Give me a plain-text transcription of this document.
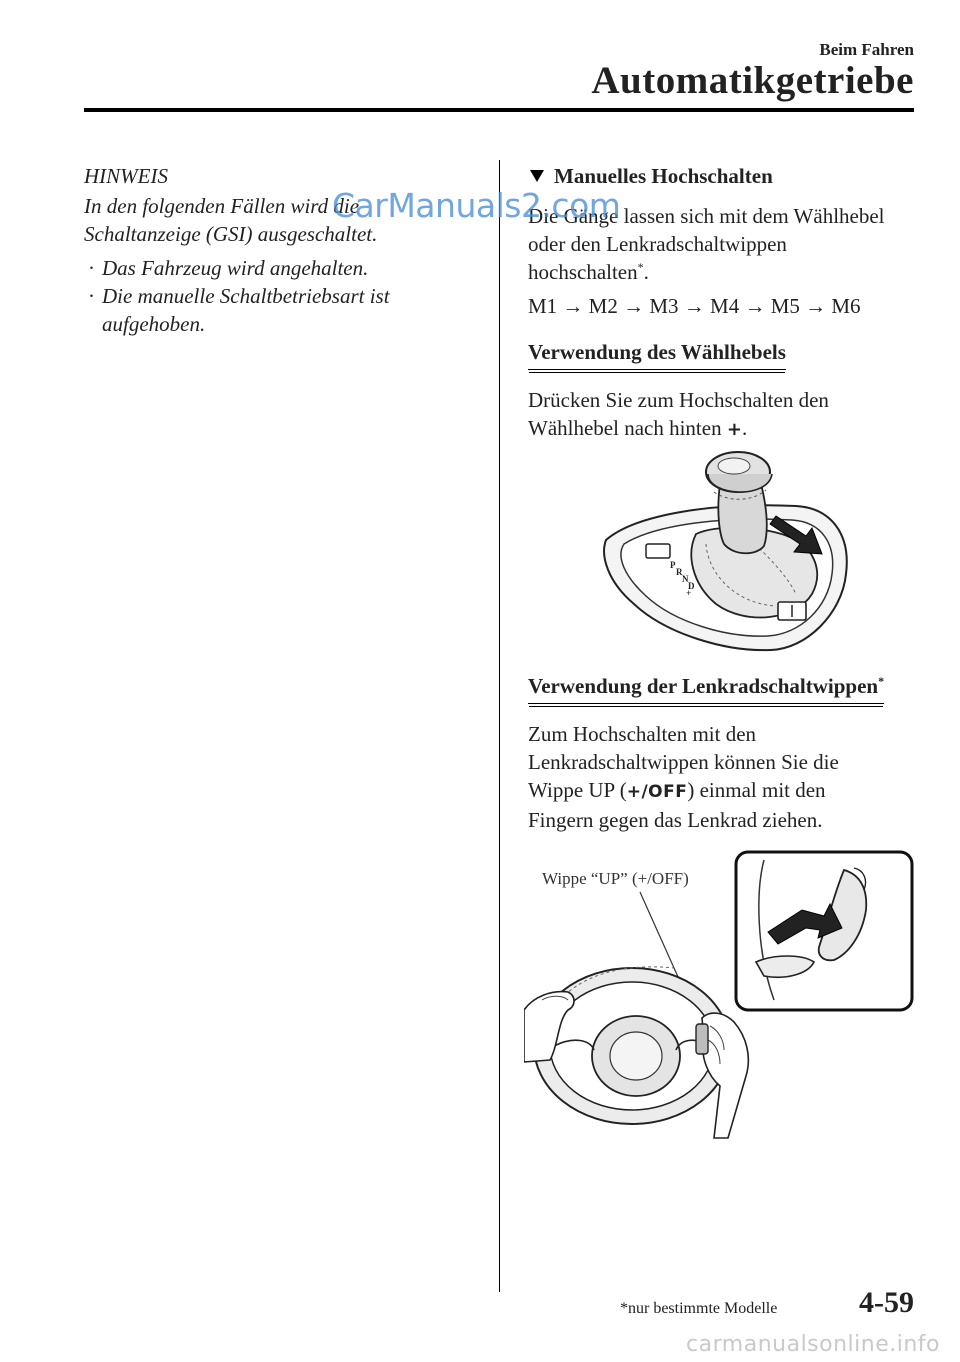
Beim Fahren
Automatikgetriebe
HINWEIS

In den folgenden Fällen wird die

Schaltanzeige (GSI) ausgeschaltet.

· Das Fahrzeug wird angehalten.
· Die manuelle Schaltbetriebsart ist
aufgehoben.
Manuelles Hochschalten

Die Gänge lassen sich mit dem Wählhebel

oder den Lenkradschaltwippen

hochschalten*.

M1 → M2 → M3 → M4 → M5 → M6

Verwendung des Wählhebels

Drücken Sie zum Hochschalten den

Wählhebel nach hinten +.

P
R
N
D
+
Verwendung der Lenkradschaltwippen*

Zum Hochschalten mit den

Lenkradschaltwippen können Sie die

Wippe UP (+/OFF) einmal mit den

Fingern gegen das Lenkrad ziehen.

Wippe “UP” (+/OFF)
*nur bestimmte Modelle	4-59
CarManuals2.com
carmanualsonline.info
